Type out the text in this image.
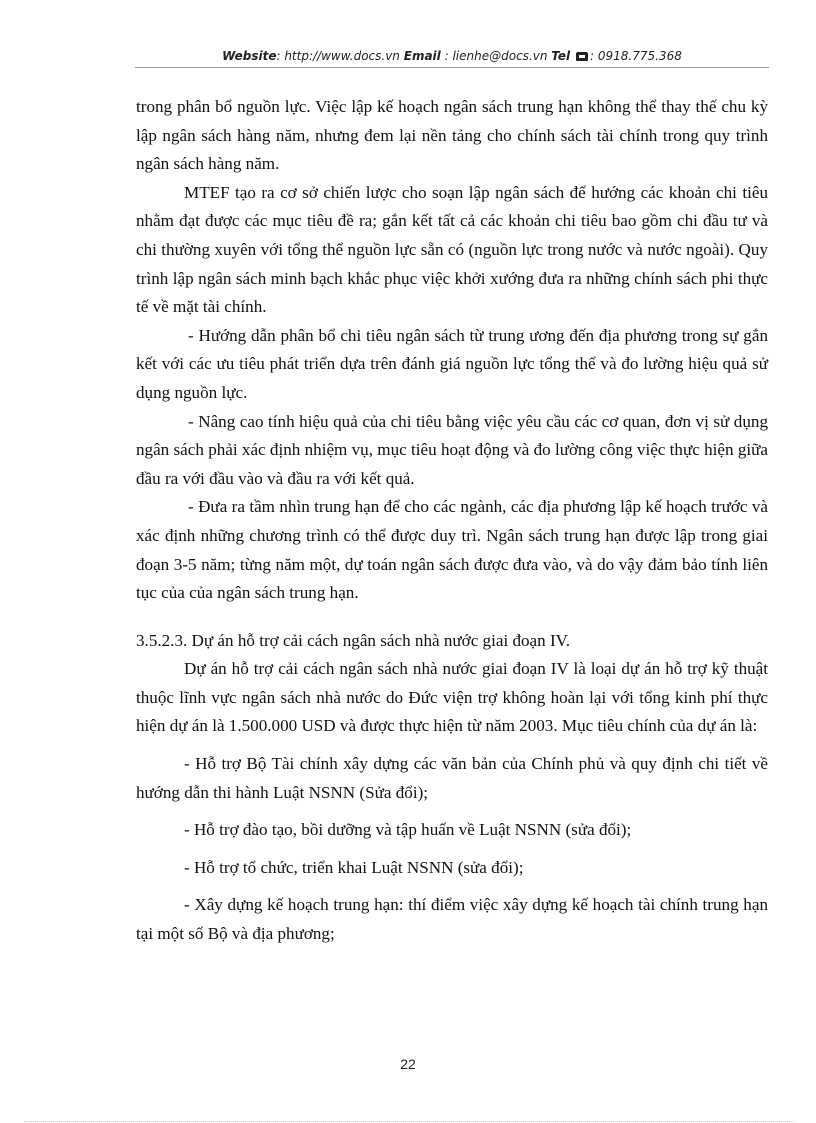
Website: http://www.docs.vn Email : lienhe@docs.vn Tel : 0918.775.368

trong phân bổ nguồn lực. Việc lập kế hoạch ngân sách trung hạn không thể thay thế chu kỳ lập ngân sách hàng năm, nhưng đem lại nền tảng cho chính sách tài chính trong quy trình ngân sách hàng năm.

MTEF tạo ra cơ sở chiến lược cho soạn lập ngân sách để hướng các khoản chi tiêu nhằm đạt được các mục tiêu đề ra; gắn kết tất cả các khoản chi tiêu bao gồm chi đầu tư và chi thường xuyên với tổng thể nguồn lực sẵn có (nguồn lực trong nước và nước ngoài). Quy trình lập ngân sách minh bạch khắc phục việc khởi xướng đưa ra những chính sách phi thực tế về mặt tài chính.

- Hướng dẫn phân bổ chi tiêu ngân sách từ trung ương đến địa phương trong sự gắn kết với các ưu tiêu phát triển dựa trên đánh giá nguồn lực tổng thể và đo lường hiệu quả sử dụng nguồn lực.

- Nâng cao tính hiệu quả của chi tiêu bằng việc yêu cầu các cơ quan, đơn vị sử dụng ngân sách phải xác định nhiệm vụ, mục tiêu hoạt động và đo lường công việc thực hiện giữa đầu ra với đầu vào và đầu ra với kết quả.

- Đưa ra tầm nhìn trung hạn để cho các ngành, các địa phương lập kế hoạch trước và xác định những chương trình có thể được duy trì. Ngân sách trung hạn được lập trong giai đoạn 3-5 năm; từng năm một, dự toán ngân sách được đưa vào, và do vậy đảm bảo tính liên tục của của ngân sách trung hạn.

3.5.2.3. Dự án hỗ trợ cải cách ngân sách nhà nước giai đoạn IV.

Dự án hỗ trợ cải cách ngân sách nhà nước giai đoạn IV là loại dự án hỗ trợ kỹ thuật thuộc lĩnh vực ngân sách nhà nước do Đức viện trợ không hoàn lại với tổng kinh phí thực hiện dự án là 1.500.000 USD và được thực hiện từ năm 2003. Mục tiêu chính của dự án là:

- Hỗ trợ Bộ Tài chính xây dựng các văn bản của Chính phủ và quy định chi tiết về hướng dẫn thi hành Luật NSNN (Sửa đổi);

- Hỗ trợ đào tạo, bồi dưỡng và tập huấn về Luật NSNN (sửa đổi);

- Hỗ trợ tổ chức, triển khai Luật NSNN (sửa đổi);

- Xây dựng kế hoạch trung hạn: thí điểm việc xây dựng kế hoạch tài chính trung hạn tại một số Bộ và địa phương;

22
